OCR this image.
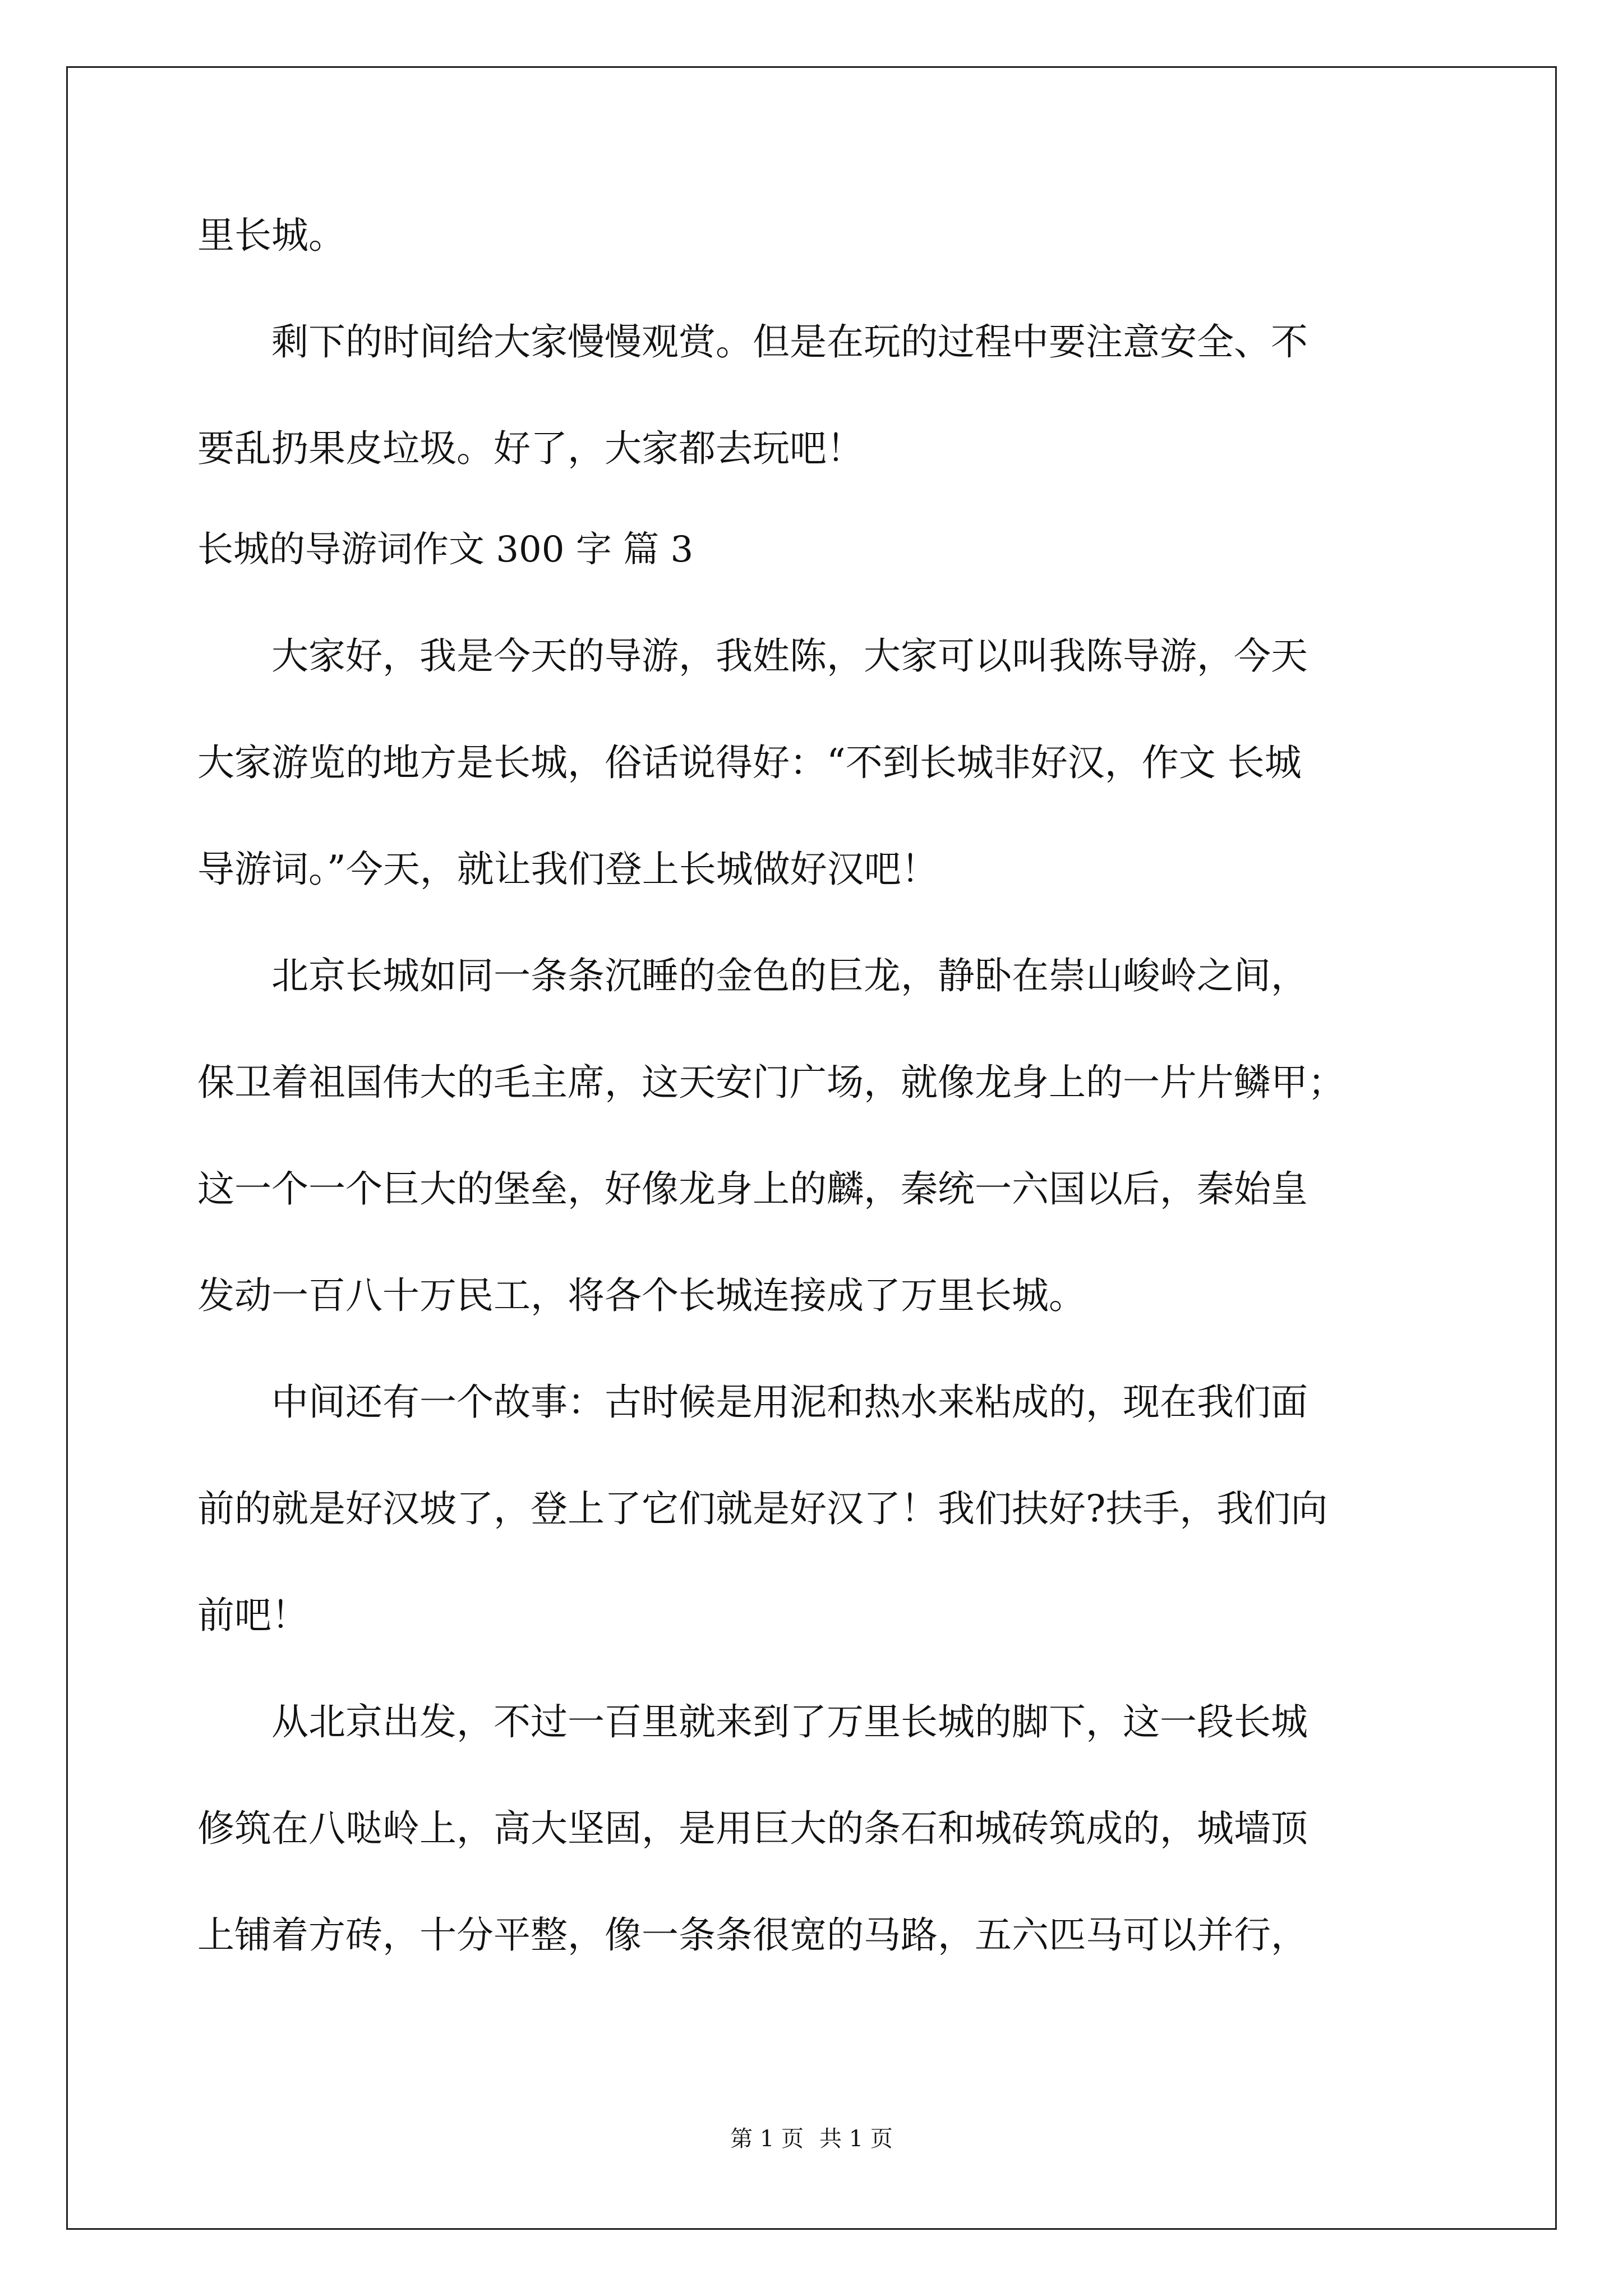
里长城。
剩下的时间给大家慢慢观赏。但是在玩的过程中要注意安全、不
要乱扔果皮垃圾。好了，大家都去玩吧！
长城的导游词作文 300 字 篇 3
大家好，我是今天的导游，我姓陈，大家可以叫我陈导游，今天
大家游览的地方是长城，俗话说得好：“不到长城非好汉，作文 长城
导游词。”今天，就让我们登上长城做好汉吧！
北京长城如同一条条沉睡的金色的巨龙，静卧在崇山峻岭之间，
保卫着祖国伟大的毛主席，这天安门广场，就像龙身上的一片片鳞甲；
这一个一个巨大的堡垒，好像龙身上的麟，秦统一六国以后，秦始皇
发动一百八十万民工，将各个长城连接成了万里长城。
中间还有一个故事：古时候是用泥和热水来粘成的，现在我们面
前的就是好汉坡了，登上了它们就是好汉了！我们扶好?扶手，我们向
前吧！
从北京出发，不过一百里就来到了万里长城的脚下，这一段长城
修筑在八哒岭上，高大坚固，是用巨大的条石和城砖筑成的，城墙顶
上铺着方砖，十分平整，像一条条很宽的马路，五六匹马可以并行，
第 1 页 共 1 页
